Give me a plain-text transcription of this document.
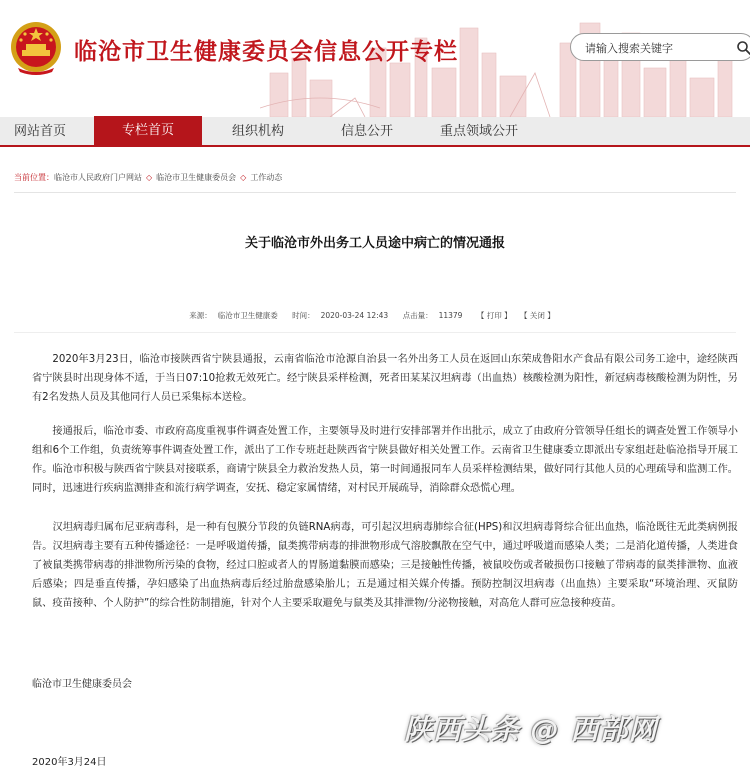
临沧市卫生健康委员会信息公开专栏	请输入搜索关键字
网站首页	专栏首页	组织机构	信息公开	重点领域公开
当前位置：临沧市人民政府门户网站 ◇ 临沧市卫生健康委员会 ◇ 工作动态
关于临沧市外出务工人员途中病亡的情况通报
来源： 临沧市卫生健康委 时间： 2020-03-24 12:43 点击量： 11379 【 打印 】 【 关闭 】
  2020年3月23日，临沧市接陕西省宁陕县通报，云南省临沧市沧源自治县一名外出务工人员在返回山东荣成鲁阳水产食品有限公司务工途中，途经陕西省宁陕县时出现身体不适，于当日07:10抢救无效死亡。经宁陕县采样检测，死者田某某汉坦病毒（出血热）核酸检测为阳性，新冠病毒核酸检测为阴性，另有2名发热人员及其他同行人员已采集标本送检。
  接通报后，临沧市委、市政府高度重视事件调查处置工作，主要领导及时进行安排部署并作出批示，成立了由政府分管领导任组长的调查处置工作领导小组和6个工作组，负责统筹事件调查处置工作，派出了工作专班赶赴陕西省宁陕县做好相关处置工作。云南省卫生健康委立即派出专家组赶赴临沧指导开展工作。临沧市积极与陕西省宁陕县对接联系，商请宁陕县全力救治发热人员，第一时间通报同车人员采样检测结果，做好同行其他人员的心理疏导和监测工作。同时，迅速进行疾病监测排查和流行病学调查，安抚、稳定家属情绪，对村民开展疏导，消除群众恐慌心理。
  汉坦病毒归属布尼亚病毒科，是一种有包膜分节段的负链RNA病毒，可引起汉坦病毒肺综合征(HPS)和汉坦病毒肾综合征出血热，临沧既往无此类病例报告。汉坦病毒主要有五种传播途径：一是呼吸道传播，鼠类携带病毒的排泄物形成气溶胶飘散在空气中，通过呼吸道而感染人类；二是消化道传播，人类进食了被鼠类携带病毒的排泄物所污染的食物，经过口腔或者人的胃肠道黏膜而感染；三是接触性传播，被鼠咬伤或者破损伤口接触了带病毒的鼠类排泄物、血液后感染；四是垂直传播，孕妇感染了出血热病毒后经过胎盘感染胎儿；五是通过相关媒介传播。预防控制汉坦病毒（出血热）主要采取“环境治理、灭鼠防鼠、疫苗接种、个人防护”的综合性防制措施，针对个人主要采取避免与鼠类及其排泄物/分泌物接触，对高危人群可应急接种疫苗。
临沧市卫生健康委员会
2020年3月24日
陕西头条 @ 西部网
